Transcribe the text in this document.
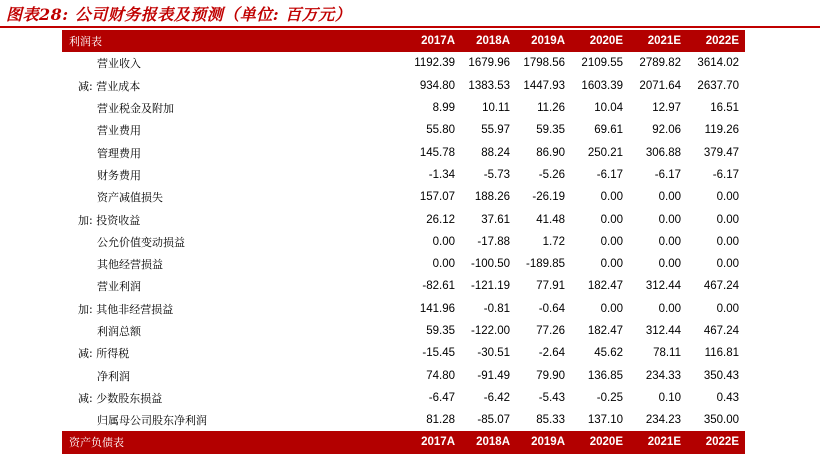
图表28: 公司财务报表及预测（单位: 百万元）
利润表	2017A	2018A	2019A	2020E	2021E	2022E
营业收入	1192.39	1679.96	1798.56	2109.55	2789.82	3614.02
减: 营业成本	934.80	1383.53	1447.93	1603.39	2071.64	2637.70
营业税金及附加	8.99	10.11	11.26	10.04	12.97	16.51
营业费用	55.80	55.97	59.35	69.61	92.06	119.26
管理费用	145.78	88.24	86.90	250.21	306.88	379.47
财务费用	-1.34	-5.73	-5.26	-6.17	-6.17	-6.17
资产减值损失	157.07	188.26	-26.19	0.00	0.00	0.00
加: 投资收益	26.12	37.61	41.48	0.00	0.00	0.00
公允价值变动损益	0.00	-17.88	1.72	0.00	0.00	0.00
其他经营损益	0.00	-100.50	-189.85	0.00	0.00	0.00
营业利润	-82.61	-121.19	77.91	182.47	312.44	467.24
加: 其他非经营损益	141.96	-0.81	-0.64	0.00	0.00	0.00
利润总额	59.35	-122.00	77.26	182.47	312.44	467.24
减: 所得税	-15.45	-30.51	-2.64	45.62	78.11	116.81
净利润	74.80	-91.49	79.90	136.85	234.33	350.43
减: 少数股东损益	-6.47	-6.42	-5.43	-0.25	0.10	0.43
归属母公司股东净利润	81.28	-85.07	85.33	137.10	234.23	350.00
资产负债表	2017A	2018A	2019A	2020E	2021E	2022E
